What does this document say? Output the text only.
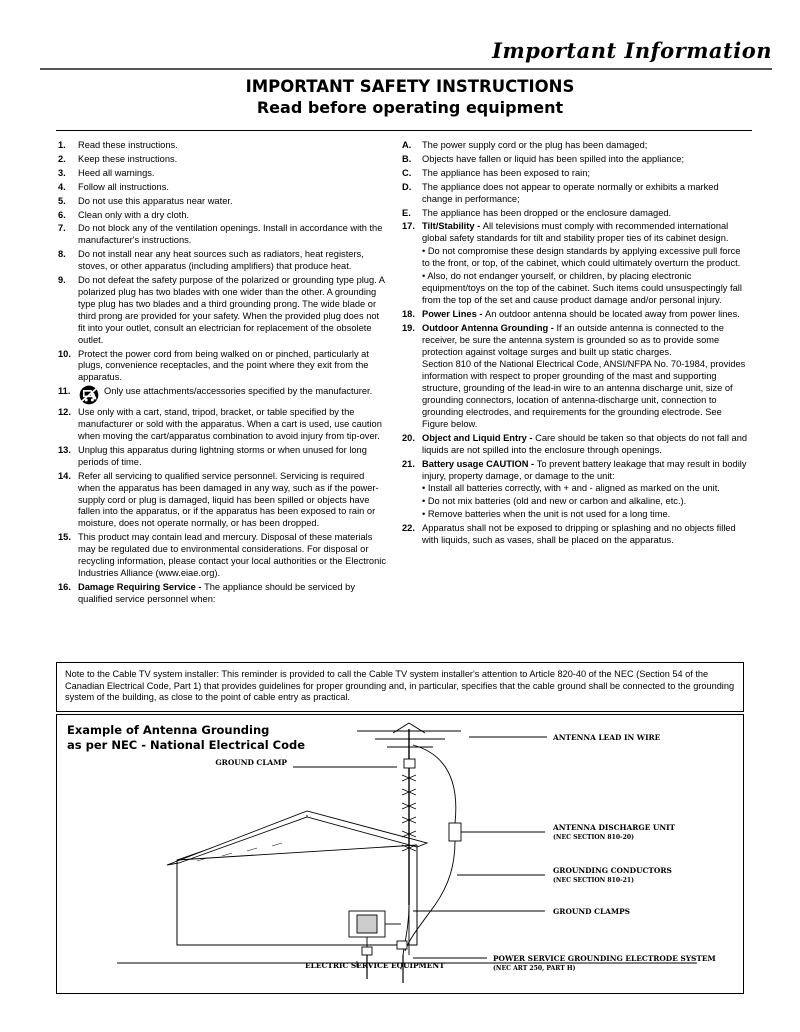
Important Information
IMPORTANT SAFETY INSTRUCTIONS
Read before operating equipment
1.	Read these instructions.
2.	Keep these instructions.
3.	Heed all warnings.
4.	Follow all instructions.
5.	Do not use this apparatus near water.
6.	Clean only with a dry cloth.
7.	Do not block any of the ventilation openings. Install in accordance with the manufacturer's instructions.
8.	Do not install near any heat sources such as radiators, heat registers, stoves, or other apparatus (including amplifiers) that produce heat.
9.	Do not defeat the safety purpose of the polarized or grounding type plug. A polarized plug has two blades with one wider than the other. A grounding type plug has two blades and a third grounding prong. The wide blade or third prong are provided for your safety. When the provided plug does not fit into your outlet, consult an electrician for replacement of the obsolete outlet.
10. Protect the power cord from being walked on or pinched, particularly at plugs, convenience receptacles, and the point where they exit from the apparatus.
11.	Only use attachments/accessories specified by the manufacturer.
12. Use only with a cart, stand, tripod, bracket, or table specified by the manufacturer or sold with the apparatus. When a cart is used, use caution when moving the cart/apparatus combination to avoid injury from tip-over.
13. Unplug this apparatus during lightning storms or when unused for long periods of time.
14. Refer all servicing to qualified service personnel. Servicing is required when the apparatus has been damaged in any way, such as if the power-supply cord or plug is damaged, liquid has been spilled or objects have fallen into the apparatus, or if the apparatus has been exposed to rain or moisture, does not operate normally, or has been dropped.
15. This product may contain lead and mercury. Disposal of these materials may be regulated due to environmental considerations. For disposal or recycling information, please contact your local authorities or the Electronic Industries Alliance (www.eiae.org).
16. Damage Requiring Service - The appliance should be serviced by qualified service personnel when:
A.	The power supply cord or the plug has been damaged;
B.	Objects have fallen or liquid has been spilled into the appliance;
C.	The appliance has been exposed to rain;
D.	The appliance does not appear to operate normally or exhibits a marked change in performance;
E.	The appliance has been dropped or the enclosure damaged.
17. Tilt/Stability - All televisions must comply with recommended international global safety standards for tilt and stability proper ties of its cabinet design.
• Do not compromise these design standards by applying excessive pull force to the front, or top, of the cabinet, which could ultimately overturn the product.
• Also, do not endanger yourself, or children, by placing electronic equipment/toys on the top of the cabinet. Such items could unsuspectingly fall from the top of the set and cause product damage and/or personal injury.
18. Power Lines - An outdoor antenna should be located away from power lines.
19. Outdoor Antenna Grounding - If an outside antenna is connected to the receiver, be sure the antenna system is grounded so as to provide some protection against voltage surges and built up static charges.
Section 810 of the National Electrical Code, ANSI/NFPA No. 70-1984, provides information with respect to proper grounding of the mast and supporting structure, grounding of the lead-in wire to an antenna discharge unit, size of grounding connectors, location of antenna-discharge unit, connection to grounding electrodes, and requirements for the grounding electrode. See Figure below.
20. Object and Liquid Entry - Care should be taken so that objects do not fall and liquids are not spilled into the enclosure through openings.
21. Battery usage CAUTION - To prevent battery leakage that may result in bodily injury, property damage, or damage to the unit:
• Install all batteries correctly, with + and - aligned as marked on the unit.
• Do not mix batteries (old and new or carbon and alkaline, etc.).
• Remove batteries when the unit is not used for a long time.
22. Apparatus shall not be exposed to dripping or splashing and no objects filled with liquids, such as vases, shall be placed on the apparatus.
Note to the Cable TV system installer: This reminder is provided to call the Cable TV system installer's attention to Article 820-40 of the NEC (Section 54 of the Canadian Electrical Code, Part 1) that provides guidelines for proper grounding and, in particular, specifies that the cable ground shall be connected to the grounding system of the building, as close to the point of cable entry as practical.
Example of Antenna Grounding
as per NEC - National Electrical Code
GROUND CLAMP
ANTENNA LEAD IN WIRE
ANTENNA DISCHARGE UNIT
(NEC SECTION 810-20)
GROUNDING CONDUCTORS
(NEC SECTION 810-21)
GROUND CLAMPS
ELECTRIC SERVICE EQUIPMENT
POWER SERVICE GROUNDING ELECTRODE SYSTEM
(NEC ART 250, PART H)
